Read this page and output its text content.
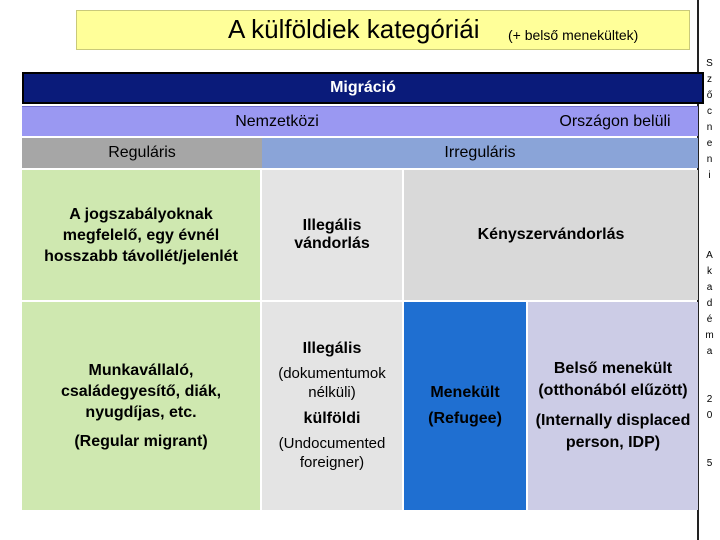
A külföldiek kategóriái (+ belső menekültek)
S
z
ő
c
n
e
n
i

A
k
a
d
é
m
a

2
0

5
Migráció
Nemzetközi	Országon belüli
Reguláris	Irreguláris
A jogszabályoknak megfelelő, egy évnél hosszabb távollét/jelenlét
Illegális vándorlás
Kényszervándorlás
Munkavállaló, családegyesítő, diák, nyugdíjas, etc.
(Regular migrant)
Illegális
(dokumentumok nélküli)
külföldi
(Undocumented foreigner)
Menekült
(Refugee)
Belső menekült (otthonából elűzött)
(Internally displaced person, IDP)
